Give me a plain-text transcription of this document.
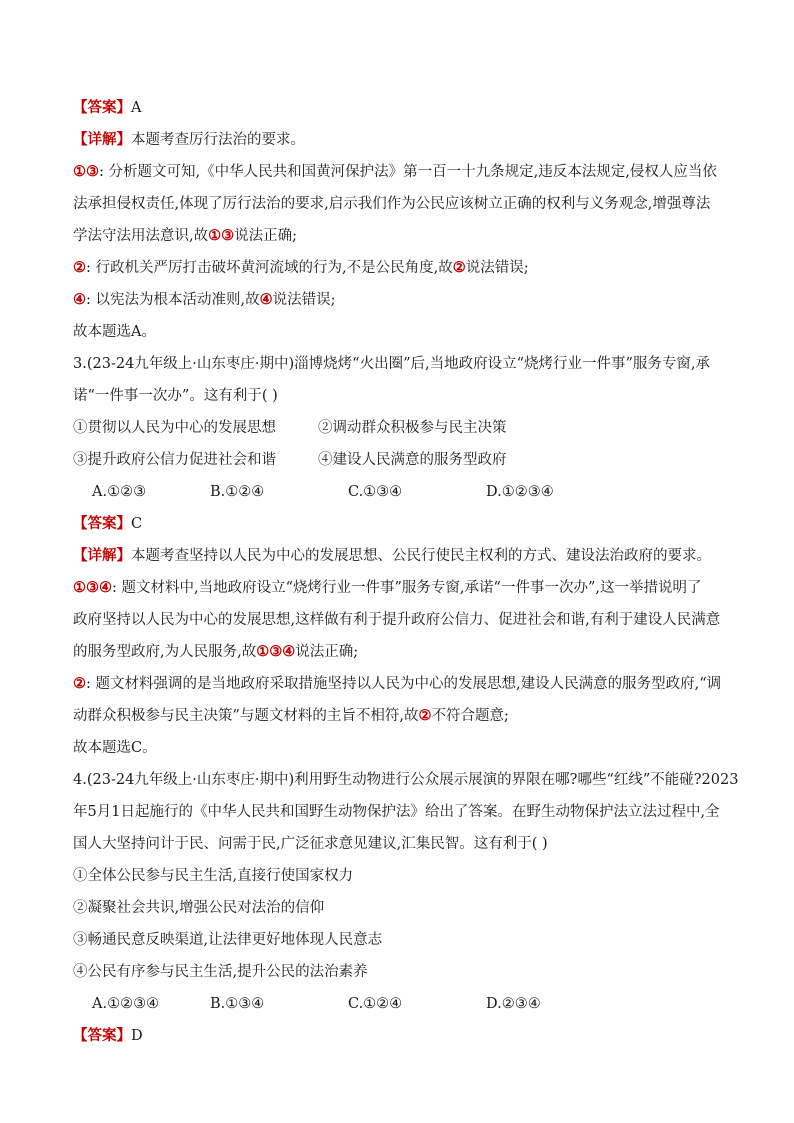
【答案】A
【详解】本题考查厉行法治的要求。
①③: 分析题文可知,《中华人民共和国黄河保护法》第一百一十九条规定,违反本法规定,侵权人应当依
法承担侵权责任,体现了厉行法治的要求,启示我们作为公民应该树立正确的权利与义务观念,增强尊法
学法守法用法意识,故①③说法正确;
②: 行政机关严厉打击破坏黄河流域的行为,不是公民角度,故②说法错误;
④: 以宪法为根本活动准则,故④说法错误;
故本题选A。
3.(23-24九年级上·山东枣庄·期中)淄博烧烤“火出圈”后,当地政府设立“烧烤行业一件事”服务专窗,承
诺“一件事一次办”。这有利于( )
①贯彻以人民为中心的发展思想	②调动群众积极参与民主决策
③提升政府公信力促进社会和谐	④建设人民满意的服务型政府
A.①②③	B.①②④	C.①③④	D.①②③④
【答案】C
【详解】本题考查坚持以人民为中心的发展思想、公民行使民主权利的方式、建设法治政府的要求。
①③④: 题文材料中,当地政府设立“烧烤行业一件事”服务专窗,承诺“一件事一次办”,这一举措说明了
政府坚持以人民为中心的发展思想,这样做有利于提升政府公信力、促进社会和谐,有利于建设人民满意
的服务型政府,为人民服务,故①③④说法正确;
②: 题文材料强调的是当地政府采取措施坚持以人民为中心的发展思想,建设人民满意的服务型政府,“调
动群众积极参与民主决策”与题文材料的主旨不相符,故②不符合题意;
故本题选C。
4.(23-24九年级上·山东枣庄·期中)利用野生动物进行公众展示展演的界限在哪?哪些“红线”不能碰?2023
年5月1日起施行的《中华人民共和国野生动物保护法》给出了答案。在野生动物保护法立法过程中,全
国人大坚持问计于民、问需于民,广泛征求意见建议,汇集民智。这有利于( )
①全体公民参与民主生活,直接行使国家权力
②凝聚社会共识,增强公民对法治的信仰
③畅通民意反映渠道,让法律更好地体现人民意志
④公民有序参与民主生活,提升公民的法治素养
A.①②③④	B.①③④	C.①②④	D.②③④
【答案】D
